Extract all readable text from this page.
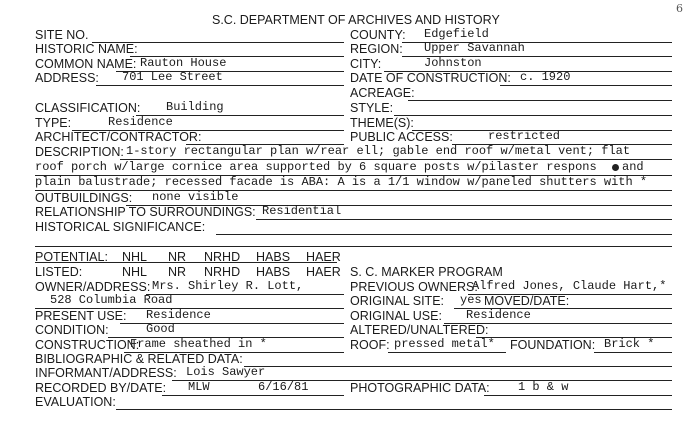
6
S.C. DEPARTMENT OF ARCHIVES AND HISTORY
SITE NO.
HISTORIC NAME:
COMMON NAME: Rauton House
ADDRESS: 701 Lee Street
CLASSIFICATION: Building
TYPE:	Residence
ARCHITECT/CONTRACTOR:
COUNTY: Edgefield
REGION: Upper Savannah
CITY:	Johnston
DATE OF CONSTRUCTION: c. 1920
ACREAGE:
STYLE:
THEME(S):
PUBLIC ACCESS:	restricted
DESCRIPTION: 1-story rectangular plan w/rear ell; gable end roof w/metal vent; flat
roof porch w/large cornice area supported by 6 square posts w/pilaster respons and
plain balustrade; recessed facade is ABA: A is a 1/1 window w/paneled shutters with *
OUTBUILDINGS: none visible
RELATIONSHIP TO SURROUNDINGS: Residential
HISTORICAL SIGNIFICANCE:
POTENTIAL: NHL NR NRHD HABS HAER
LISTED:	NHL NR NRHD HABS HAER S. C. MARKER PROGRAM
OWNER/ADDRESS: Mrs. Shirley R. Lott,
528 Columbia Road
PREVIOUS OWNERS:
Alfred Jones, Claude Hart,*
ORIGINAL SITE: yes MOVED/DATE:
PRESENT USE: Residence	ORIGINAL USE: Residence
CONDITION:	Good	ALTERED/UNALTERED:
CONSTRUCTION:
Frame sheathed in *	ROOF: pressed metal* FOUNDATION: Brick *
BIBLIOGRAPHIC & RELATED DATA:
INFORMANT/ADDRESS: Lois Sawyer
RECORDED BY/DATE: MLW	6/16/81	PHOTOGRAPHIC DATA: 1 b & w
EVALUATION:
